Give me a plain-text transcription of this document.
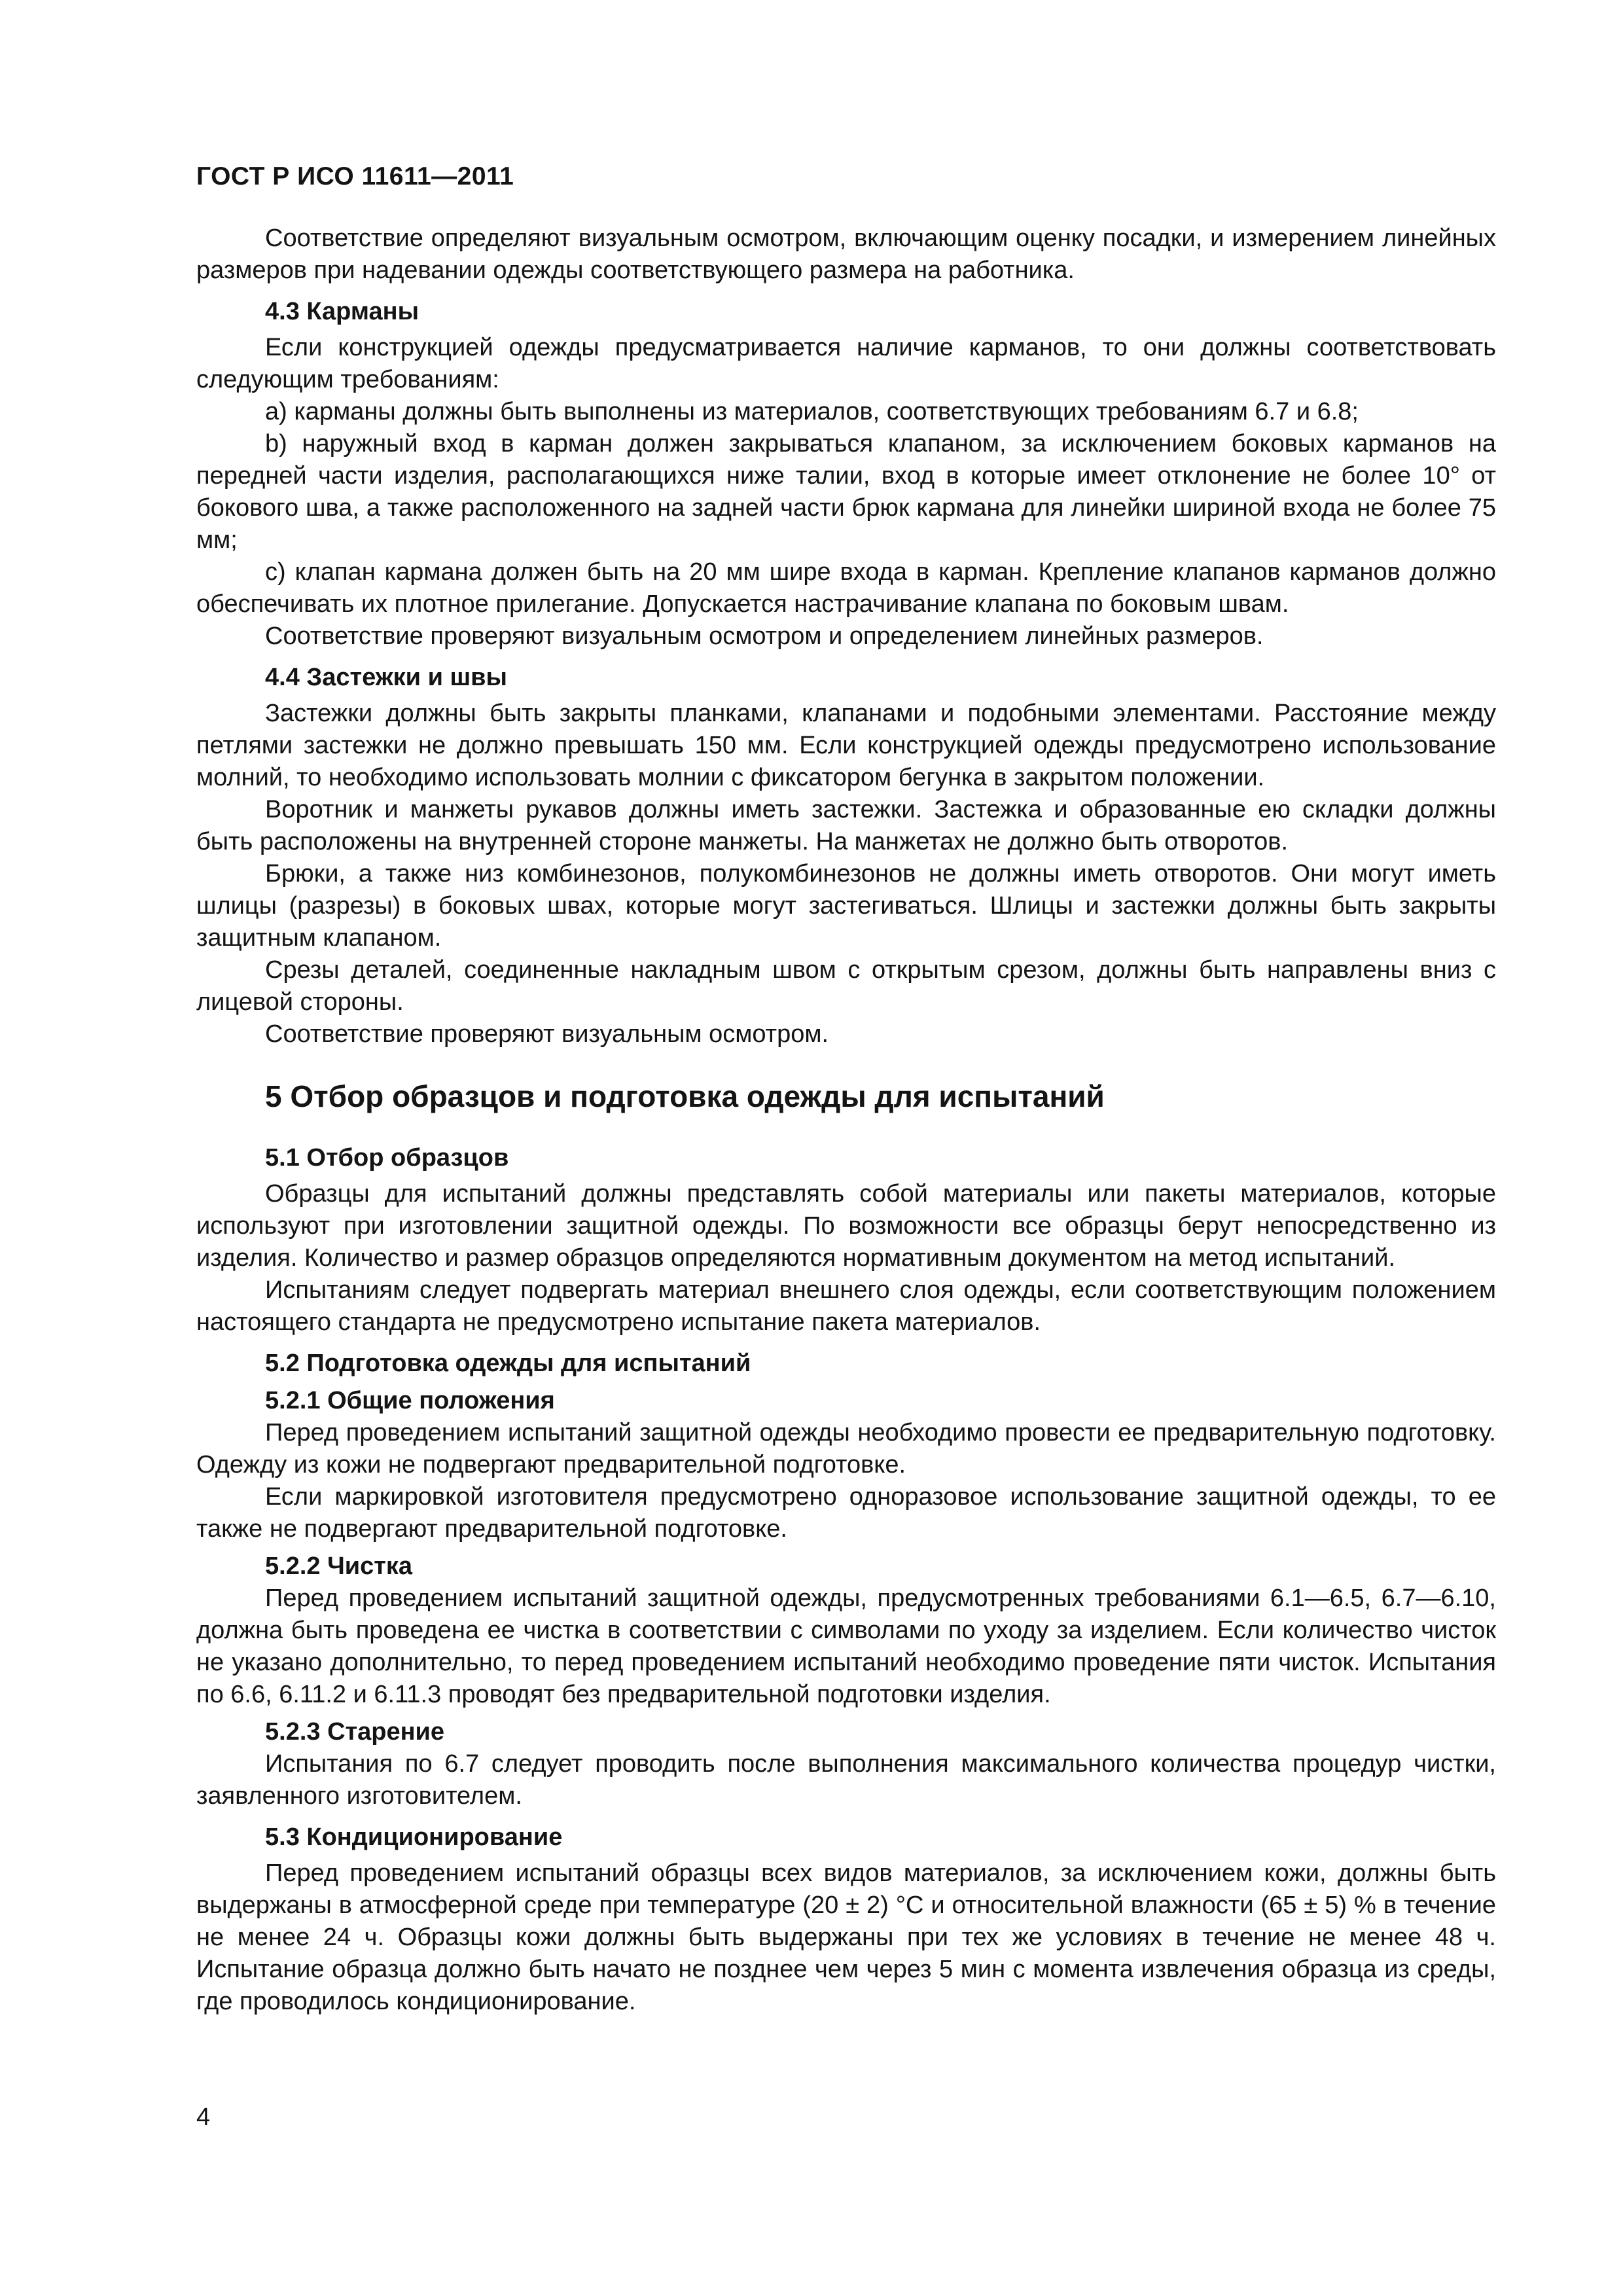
ГОСТ Р ИСО 11611—2011

Соответствие определяют визуальным осмотром, включающим оценку посадки, и измерением линейных размеров при надевании одежды соответствующего размера на работника.

4.3 Карманы

Если конструкцией одежды предусматривается наличие карманов, то они должны соответствовать следующим требованиям:

а) карманы должны быть выполнены из материалов, соответствующих требованиям 6.7 и 6.8;

b) наружный вход в карман должен закрываться клапаном, за исключением боковых карманов на передней части изделия, располагающихся ниже талии, вход в которые имеет отклонение не более 10° от бокового шва, а также расположенного на задней части брюк кармана для линейки шириной входа не более 75 мм;

c) клапан кармана должен быть на 20 мм шире входа в карман. Крепление клапанов карманов должно обеспечивать их плотное прилегание. Допускается настрачивание клапана по боковым швам.

Соответствие проверяют визуальным осмотром и определением линейных размеров.

4.4 Застежки и швы

Застежки должны быть закрыты планками, клапанами и подобными элементами. Расстояние между петлями застежки не должно превышать 150 мм. Если конструкцией одежды предусмотрено использование молний, то необходимо использовать молнии с фиксатором бегунка в закрытом положении.

Воротник и манжеты рукавов должны иметь застежки. Застежка и образованные ею складки должны быть расположены на внутренней стороне манжеты. На манжетах не должно быть отворотов.

Брюки, а также низ комбинезонов, полукомбинезонов не должны иметь отворотов. Они могут иметь шлицы (разрезы) в боковых швах, которые могут застегиваться. Шлицы и застежки должны быть закрыты защитным клапаном.

Срезы деталей, соединенные накладным швом с открытым срезом, должны быть направлены вниз с лицевой стороны.

Соответствие проверяют визуальным осмотром.

5 Отбор образцов и подготовка одежды для испытаний
5.1 Отбор образцов

Образцы для испытаний должны представлять собой материалы или пакеты материалов, которые используют при изготовлении защитной одежды. По возможности все образцы берут непосредственно из изделия. Количество и размер образцов определяются нормативным документом на метод испытаний.

Испытаниям следует подвергать материал внешнего слоя одежды, если соответствующим положением настоящего стандарта не предусмотрено испытание пакета материалов.

5.2 Подготовка одежды для испытаний
5.2.1 Общие положения

Перед проведением испытаний защитной одежды необходимо провести ее предварительную подготовку. Одежду из кожи не подвергают предварительной подготовке.

Если маркировкой изготовителя предусмотрено одноразовое использование защитной одежды, то ее также не подвергают предварительной подготовке.

5.2.2 Чистка

Перед проведением испытаний защитной одежды, предусмотренных требованиями 6.1—6.5, 6.7—6.10, должна быть проведена ее чистка в соответствии с символами по уходу за изделием. Если количество чисток не указано дополнительно, то перед проведением испытаний необходимо проведение пяти чисток. Испытания по 6.6, 6.11.2 и 6.11.3 проводят без предварительной подготовки изделия.

5.2.3 Старение

Испытания по 6.7 следует проводить после выполнения максимального количества процедур чистки, заявленного изготовителем.

5.3 Кондиционирование

Перед проведением испытаний образцы всех видов материалов, за исключением кожи, должны быть выдержаны в атмосферной среде при температуре (20 ± 2) °С и относительной влажности (65 ± 5) % в течение не менее 24 ч. Образцы кожи должны быть выдержаны при тех же условиях в течение не менее 48 ч. Испытание образца должно быть начато не позднее чем через 5 мин с момента извлечения образца из среды, где проводилось кондиционирование.

4
